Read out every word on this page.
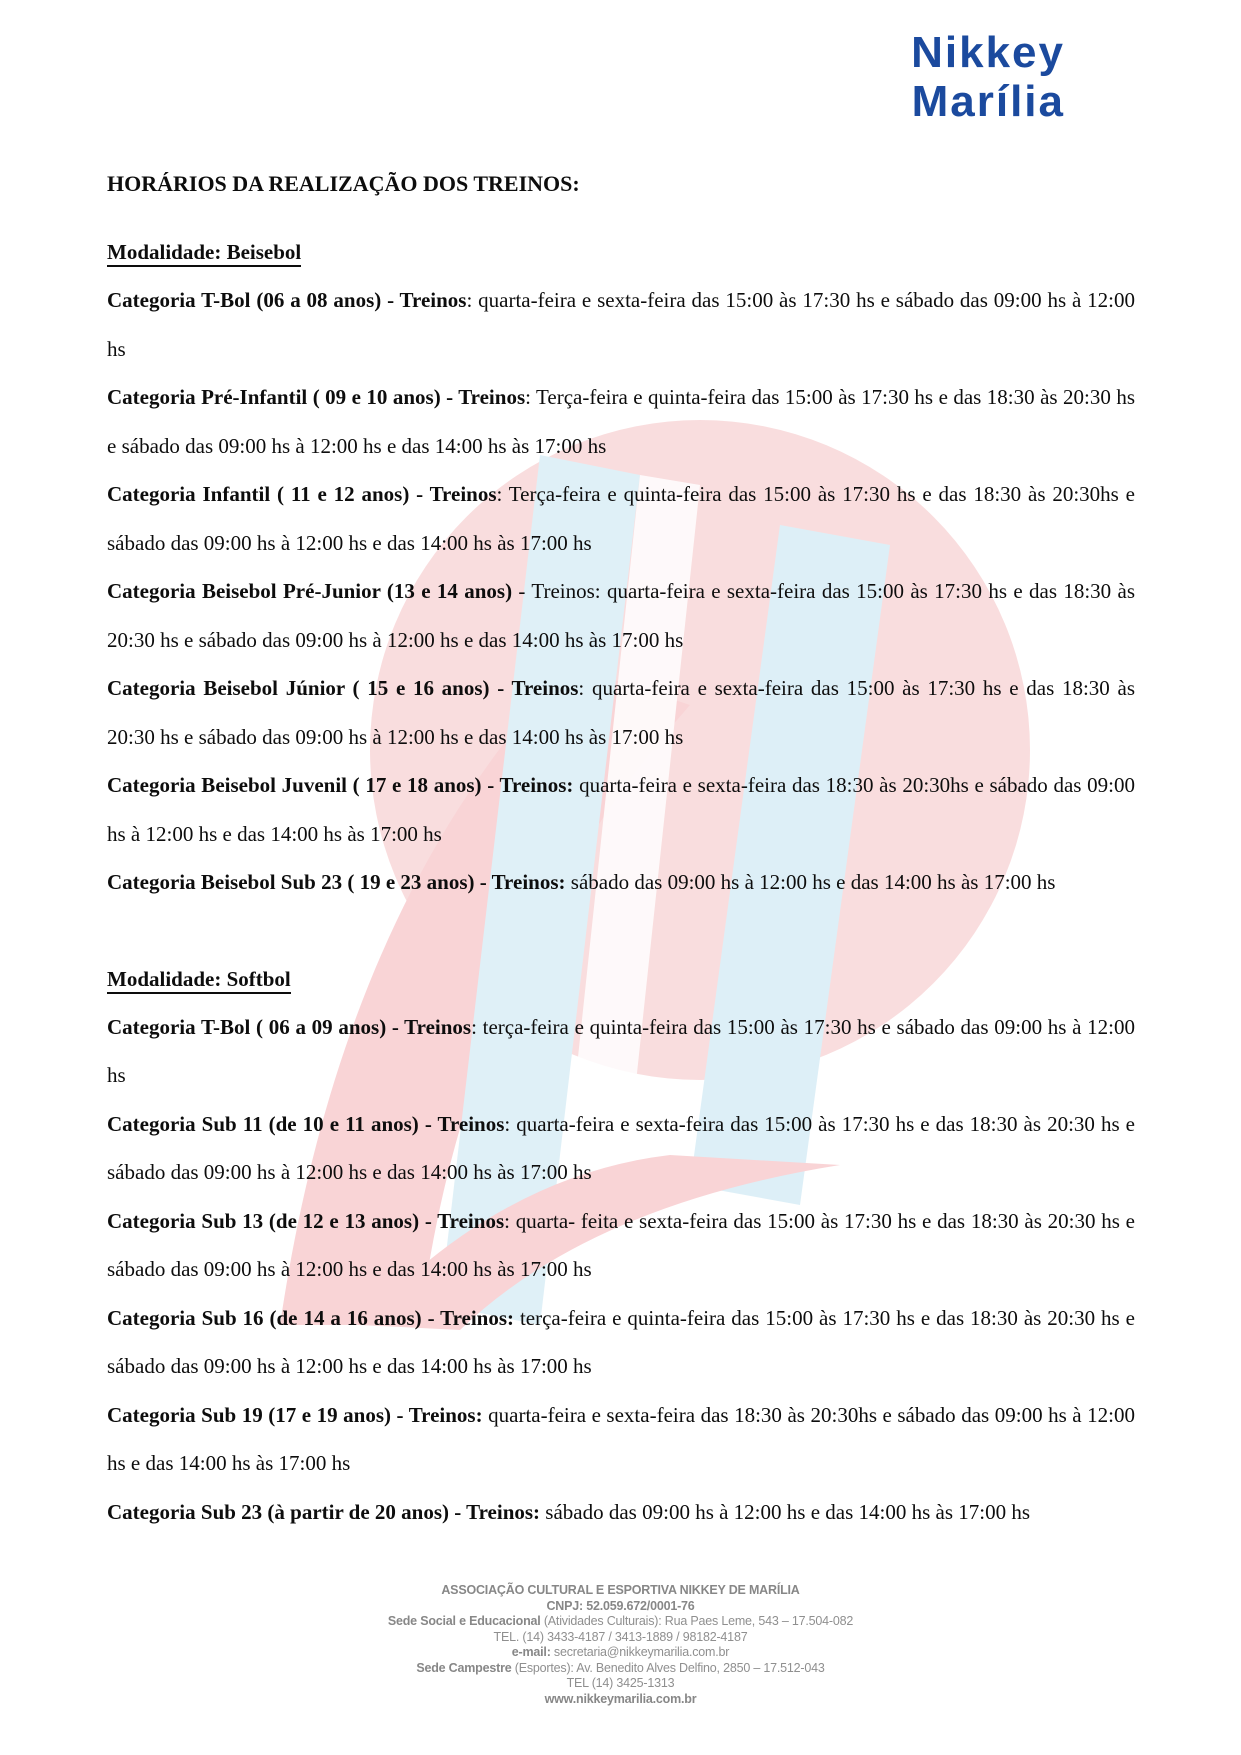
Nikkey
Marília
HORÁRIOS DA REALIZAÇÃO DOS TREINOS:
Modalidade: Beisebol

Categoria T-Bol (06 a 08 anos) - Treinos: quarta-feira e sexta-feira das 15:00 às 17:30 hs e sábado das 09:00 hs à 12:00 hs

Categoria Pré-Infantil ( 09 e 10 anos) - Treinos: Terça-feira e quinta-feira das 15:00 às 17:30 hs e das 18:30 às 20:30 hs e sábado das 09:00 hs à 12:00 hs e das 14:00 hs às 17:00 hs

Categoria Infantil ( 11 e 12 anos) - Treinos: Terça-feira e quinta-feira das 15:00 às 17:30 hs e das 18:30 às 20:30hs e sábado das 09:00 hs à 12:00 hs e das 14:00 hs às 17:00 hs

Categoria Beisebol Pré-Junior (13 e 14 anos) - Treinos: quarta-feira e sexta-feira das 15:00 às 17:30 hs e das 18:30 às 20:30 hs e sábado das 09:00 hs à 12:00 hs e das 14:00 hs às 17:00 hs

Categoria Beisebol Júnior ( 15 e 16 anos) - Treinos: quarta-feira e sexta-feira das 15:00 às 17:30 hs e das 18:30 às 20:30 hs e sábado das 09:00 hs à 12:00 hs e das 14:00 hs às 17:00 hs

Categoria Beisebol Juvenil ( 17 e 18 anos) - Treinos: quarta-feira e sexta-feira das 18:30 às 20:30hs e sábado das 09:00 hs à 12:00 hs e das 14:00 hs às 17:00 hs

Categoria Beisebol Sub 23 ( 19 e 23 anos) - Treinos: sábado das 09:00 hs à 12:00 hs e das 14:00 hs às 17:00 hs

Modalidade: Softbol

Categoria T-Bol ( 06 a 09 anos) - Treinos: terça-feira e quinta-feira das 15:00 às 17:30 hs e sábado das 09:00 hs à 12:00 hs

Categoria Sub 11 (de 10 e 11 anos) - Treinos: quarta-feira e sexta-feira das 15:00 às 17:30 hs e das 18:30 às 20:30 hs e sábado das 09:00 hs à 12:00 hs e das 14:00 hs às 17:00 hs

Categoria Sub 13 (de 12 e 13 anos) - Treinos: quarta- feita e sexta-feira das 15:00 às 17:30 hs e das 18:30 às 20:30 hs e sábado das 09:00 hs à 12:00 hs e das 14:00 hs às 17:00 hs

Categoria Sub 16 (de 14 a 16 anos) - Treinos: terça-feira e quinta-feira das 15:00 às 17:30 hs e das 18:30 às 20:30 hs e sábado das 09:00 hs à 12:00 hs e das 14:00 hs às 17:00 hs

Categoria Sub 19 (17 e 19 anos) - Treinos: quarta-feira e sexta-feira das 18:30 às 20:30hs e sábado das 09:00 hs à 12:00 hs e das 14:00 hs às 17:00 hs

Categoria Sub 23 (à partir de 20 anos) - Treinos: sábado das 09:00 hs à 12:00 hs e das 14:00 hs às 17:00 hs

ASSOCIAÇÃO CULTURAL E ESPORTIVA NIKKEY DE MARÍLIA
CNPJ: 52.059.672/0001-76
Sede Social e Educacional (Atividades Culturais): Rua Paes Leme, 543 – 17.504-082
TEL. (14) 3433-4187 / 3413-1889 / 98182-4187
e-mail: secretaria@nikkeymarilia.com.br
Sede Campestre (Esportes): Av. Benedito Alves Delfino, 2850 – 17.512-043
TEL (14) 3425-1313
www.nikkeymarilia.com.br
